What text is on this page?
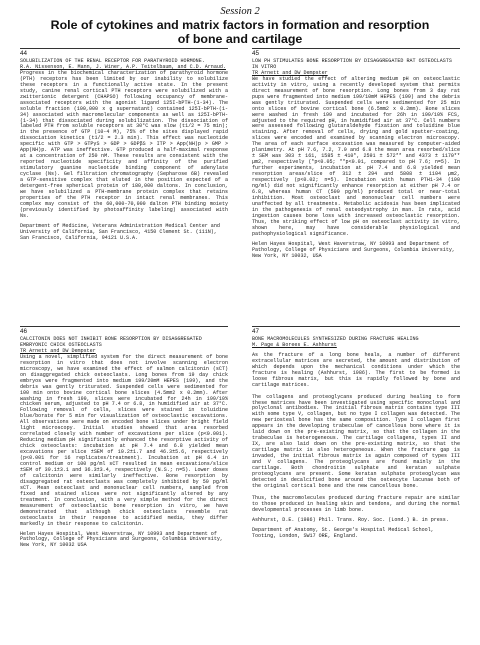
Session 2
Role of cytokines and matrix factors in formation and resorption
of bone and cartilage
44
SOLUBILIZATION OF THE RENAL RECEPTOR FOR PARATHYROID HORMONE.
R.A. Nissenson, E. Mann, J. Winer, A.P. Teitelbaum, and C.D. Arnaud.
Progress in the biochemical characterization of parathyroid hormone (PTH) receptors has been limited by our inability to solubilize these receptors in a functionally active state. In the present study, canine renal cortical PTH receptors were solubilized with a zwitterionic detergent (CHAPSO) following occupancy of membrane-associated receptors with the agonist ligand 125I-bPTH-(1-34). The soluble fraction (100,000 x g supernatant) contained 125I-bPTH-(1-34) associated with macromolecular components as well as 125I-bPTH-(1-34) that dissociated during solubilization. The dissociation of labeled PTH from soluble receptors at 30°C was slow (t1/2 = 75 min); in the presence of GTP (10-4 M), 75% of the sites displayed rapid dissociation kinetics (t1/2 = 2.3 min). This effect was nucleotide specific with GTP > GTPγS > GDP > GDPβS > ITP > App(NH)p > GMP > App(NH)p. ATP was ineffective. GTP produced a half-maximal response at a concentration of 250 nM. These results are consistent with the reported nucleotide specificity and affinity of the purified stimulatory guanine nucleotide binding component of adenylate cyclase (Ns). Gel filtration chromatography (Sepharose 6B) revealed a GTP-sensitive complex that eluted in the position expected of a detergent-free spherical protein of 180,000 daltons. In conclusion, we have solubilized a PTH-membrane protein complex that retains properties of the PTH receptor in intact renal membranes. This complex may consist of the 60,000-70,000 dalton PTH binding moiety (previously identified by photoaffinity labeling) associated with Ns.
Department of Medicine, Veterans Administration Medical Center and University of California, San Francisco, 4150 Clement St. (111N), San Francisco, California, 94121 U.S.A.
45
LOW PH STIMULATES BONE RESORPTION BY DISAGGREGATED RAT OSTEOCLASTS IN VITRO
TR Arnett and DW Dempster
We have studied the effect of altering medium pH on osteoclastic activity in vitro, using a recently developed system that permits direct measurement of bone resorption. Long bones from 3 day rat pups were fragmented into medium 199/10mM HEPES (199) and the debris was gently triturated. Suspended cells were sedimented for 25 min onto slices of bovine cortical bone (6.5mm2 x 0.2mm). Bone slices were washed in fresh 199 and incubated for 26h in 199/10% FCS, adjusted to the required pH, in humidified air at 37°C. Cell numbers were assessed following glutaraldehyde fixation and toluidine blue staining. After removal of cells, drying and gold sputter-coating, slices were encoded and examined by scanning electron microscopy. The area of each surface excavation was measured by computer-aided planimetry. At pH 7.6, 7.2, 7.0 and 6.8 the mean area resorbed/slice ± SEM was 303 ± 161, 1585 ± 410*, 2591 ± 572** and 4373 ± 1170** µm2, respectively (*p<0.05; **p<0.01, compared to pH 7.6; n=5). In further experiments, incubation at pH 7.4 and 6.8 yielded mean resorption areas/slice of 312 ± 294 and 5808 ± 1104 µm2, respectively (p<0.02; n=5). Incubation with human PTH1-34 (100 ng/ml) did not significantly enhance resorption at either pH 7.4 or 6.8, whereas human CT (500 pg/ml) produced total or near-total inhibition. Most osteoclast and mononuclear cell numbers were unaffected by all treatments. Metabolic acidosis has been implicated in the pathogenesis of renal osteodystrophy in man. In rats, acid ingestion causes bone loss with increased osteoclastic resorption. Thus, the striking effect of low pH on osteoclast activity in vitro, shown here, may have considerable physiological and pathophysiological significance.
Helen Hayes Hospital, West Haverstraw, NY 10993 and Department of Pathology, College of Physicians and Surgeons, Columbia University, New York, NY 10032, USA
46
CALCITONIN DOES NOT INHIBIT BONE RESORPTION BY DISAGGREGATED EMBRYONIC CHICK OSTEOCLASTS
TR Arnett and DW Dempster
Using a novel, simplified system for the direct measurement of bone resorption in vitro that does not involve scanning electron microscopy, we have examined the effect of salmon calcitonin (sCT) on disaggregated chick osteoclasts. Long bones from 19 day chick embryos were fragmented into medium 199/20mM HEPES (199), and the debris was gently triturated. Suspended cells were sedimented for 100 min onto bovine cortical bone slices (4.5mm2 x 0.2mm). After washing in fresh 199, slices were incubated for 24h in 199/10% chicken serum, adjusted to pH 7.4 or 6.8, in humidified air at 37°C. Following removal of cells, slices were stained in toluidine blue/borate for 5 min for visualization of osteoclastic excavations. All observations were made on encoded bone slices under bright field light microscopy. Initial studies showed that area resorbed correlated closely with number of excavations per slice (p<0.001). Reducing medium pH significantly enhanced the resorptive activity of chick osteoclasts: incubation at pH 7.4 and 6.8 yielded mean excavations per slice ±SEM of 10.2±1.7 and 46.3±5.6, respectively (p<0.001 for 16 replicates/treatment). Incubation at pH 6.4 in control medium or 100 pg/ml sCT resulted in mean excavations/slice ±SEM of 39.1±3.1 and 36.3±3.4, respectively (N.S.; n=5). Lower doses of calcitonin were similarly ineffective. Bone resorption by disaggregated rat osteoclasts was completely inhibited by 50 pg/ml sCT. Mean osteoclast and mononuclear cell numbers, sampled from fixed and stained slices were not significantly altered by any treatment. In conclusion, with a very simple method for the direct measurement of osteoclastic bone resorption in vitro, we have demonstrated that although chick osteoclasts resemble rat osteoclasts in their response to acidified media, they differ markedly in their response to calcitonin.
Helen Hayes Hospital, West Haverstraw, NY 10993 and Department of Pathology, College of Physicians and Surgeons, Columbia University, New York, NY 10032 USA
47
BONE MACROMOLECULES SYNTHESIZED DURING FRACTURE HEALING
M. Page & Borees E. Ashhurst
As the fracture of a long bone heals, a number of different extracellular matrices are secreted, the amount and distribution of which depends upon the mechanical conditions under which the fracture is healing (Ashhurst, 1986). The first to be formed is loose fibrous matrix, but this is rapidly followed by bone and cartilage matrices.

The collagens and proteoglycans produced during healing to form these matrices have been investigated using specific monoclonal and polyclonal antibodies. The initial fibrous matrix contains type III with some type V, collagen, but no type I collagen was detected. The new periosteal bone has the same composition. Type I collagen first appears in the developing trabeculae of cancellous bone where it is laid down on the pre-existing matrix, so that the collagen in the trabeculae is heterogeneous. The cartilage collagens, types II and IX, are also laid down on the pre-existing matrix, so that the cartilage matrix is also heterogeneous. When the fracture gap is invaded, the initial fibrous matrix is again composed of types III and V collagens. The proteoglycans are found mainly in the cartilage. Both chondroitin sulphate and keratan sulphate proteoglycans are present. Some keratan sulphate proteoglycan was detected in decalcified bone around the osteocyte lacunae both of the original cortical bone and the new cancellous bone.

Thus, the macromolecules produced during fracture repair are similar to those produced in healing skin and tendons, and during the normal developmental processes in limb bone.
Ashhurst, D.E. (1986) Phil. Trans. Roy. Soc. (Lond.) B. in press.
Department of Anatomy, St. George's Hospital Medical School, Tooting, London, SW17 ORE, England.
